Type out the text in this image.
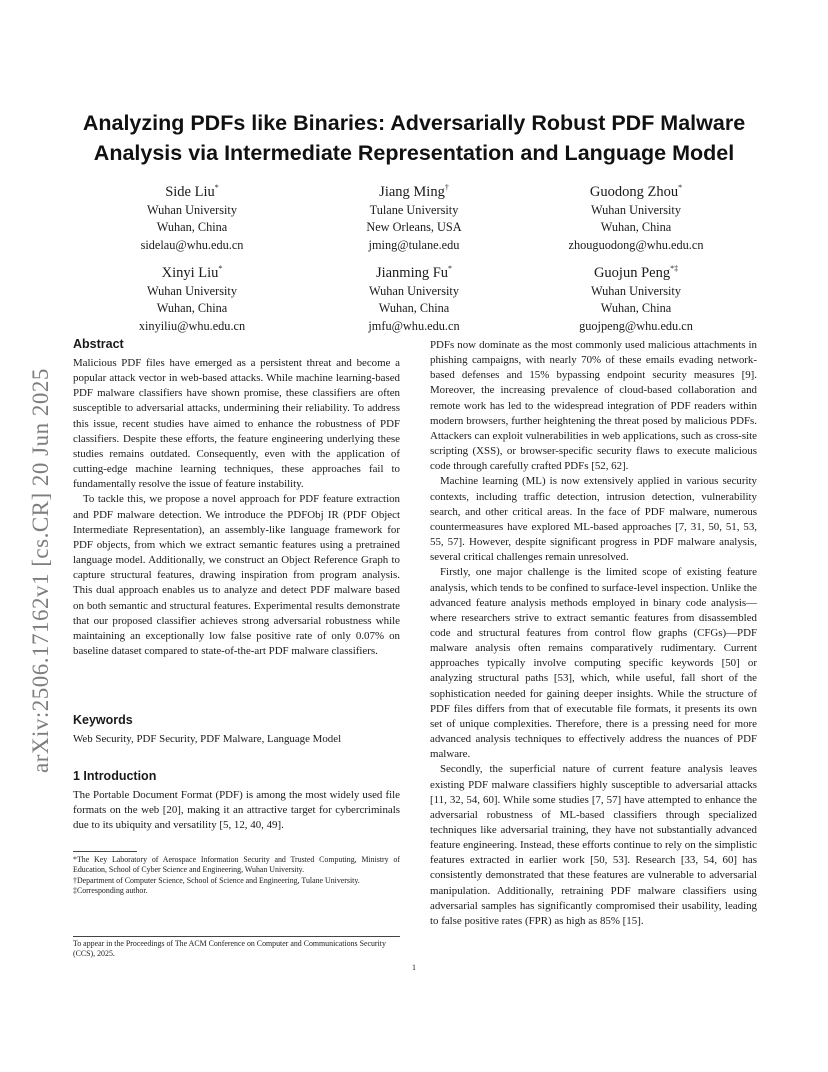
arXiv:2506.17162v1 [cs.CR] 20 Jun 2025
Analyzing PDFs like Binaries: Adversarially Robust PDF Malware
Analysis via Intermediate Representation and Language Model
Side Liu*
Wuhan University
Wuhan, China
sidelau@whu.edu.cn
Jiang Ming†
Tulane University
New Orleans, USA
jming@tulane.edu
Guodong Zhou*
Wuhan University
Wuhan, China
zhouguodong@whu.edu.cn
Xinyi Liu*
Wuhan University
Wuhan, China
xinyiliu@whu.edu.cn
Jianming Fu*
Wuhan University
Wuhan, China
jmfu@whu.edu.cn
Guojun Peng*‡
Wuhan University
Wuhan, China
guojpeng@whu.edu.cn
Abstract

Malicious PDF files have emerged as a persistent threat and become a popular attack vector in web-based attacks. While machine learning-based PDF malware classifiers have shown promise, these classifiers are often susceptible to adversarial attacks, undermining their reliability. To address this issue, recent studies have aimed to enhance the robustness of PDF classifiers. Despite these efforts, the feature engineering underlying these studies remains outdated. Consequently, even with the application of cutting-edge machine learning techniques, these approaches fail to fundamentally resolve the issue of feature instability.

To tackle this, we propose a novel approach for PDF feature extraction and PDF malware detection. We introduce the PDFObj IR (PDF Object Intermediate Representation), an assembly-like language framework for PDF objects, from which we extract semantic features using a pretrained language model. Additionally, we construct an Object Reference Graph to capture structural features, drawing inspiration from program analysis. This dual approach enables us to analyze and detect PDF malware based on both semantic and structural features. Experimental results demonstrate that our proposed classifier achieves strong adversarial robustness while maintaining an exceptionally low false positive rate of only 0.07% on baseline dataset compared to state-of-the-art PDF malware classifiers.

Keywords

Web Security, PDF Security, PDF Malware, Language Model

1 Introduction

The Portable Document Format (PDF) is among the most widely used file formats on the web [20], making it an attractive target for cybercriminals due to its ubiquity and versatility [5, 12, 40, 49].

*The Key Laboratory of Aerospace Information Security and Trusted Computing, Ministry of Education, School of Cyber Science and Engineering, Wuhan University.
†Department of Computer Science, School of Science and Engineering, Tulane University.
‡Corresponding author.
To appear in the Proceedings of The ACM Conference on Computer and Communications Security (CCS), 2025.

PDFs now dominate as the most commonly used malicious attachments in phishing campaigns, with nearly 70% of these emails evading network-based defenses and 15% bypassing endpoint security measures [9]. Moreover, the increasing prevalence of cloud-based collaboration and remote work has led to the widespread integration of PDF readers within modern browsers, further heightening the threat posed by malicious PDFs. Attackers can exploit vulnerabilities in web applications, such as cross-site scripting (XSS), or browser-specific security flaws to execute malicious code through carefully crafted PDFs [52, 62].

Machine learning (ML) is now extensively applied in various security contexts, including traffic detection, intrusion detection, vulnerability search, and other critical areas. In the face of PDF malware, numerous countermeasures have explored ML-based approaches [7, 31, 50, 51, 53, 55, 57]. However, despite significant progress in PDF malware analysis, several critical challenges remain unresolved.

Firstly, one major challenge is the limited scope of existing feature analysis, which tends to be confined to surface-level inspection. Unlike the advanced feature analysis methods employed in binary code analysis—where researchers strive to extract semantic features from disassembled code and structural features from control flow graphs (CFGs)—PDF malware analysis often remains comparatively rudimentary. Current approaches typically involve computing specific keywords [50] or analyzing structural paths [53], which, while useful, fall short of the sophistication needed for gaining deeper insights. While the structure of PDF files differs from that of executable file formats, it presents its own set of unique complexities. Therefore, there is a pressing need for more advanced analysis techniques to effectively address the nuances of PDF malware.

Secondly, the superficial nature of current feature analysis leaves existing PDF malware classifiers highly susceptible to adversarial attacks [11, 32, 54, 60]. While some studies [7, 57] have attempted to enhance the adversarial robustness of ML-based classifiers through specialized techniques like adversarial training, they have not substantially advanced feature engineering. Instead, these efforts continue to rely on the simplistic features extracted in earlier work [50, 53]. Research [33, 54, 60] has consistently demonstrated that these features are vulnerable to adversarial manipulation. Additionally, retraining PDF malware classifiers using adversarial samples has significantly compromised their usability, leading to false positive rates (FPR) as high as 85% [15].

1
